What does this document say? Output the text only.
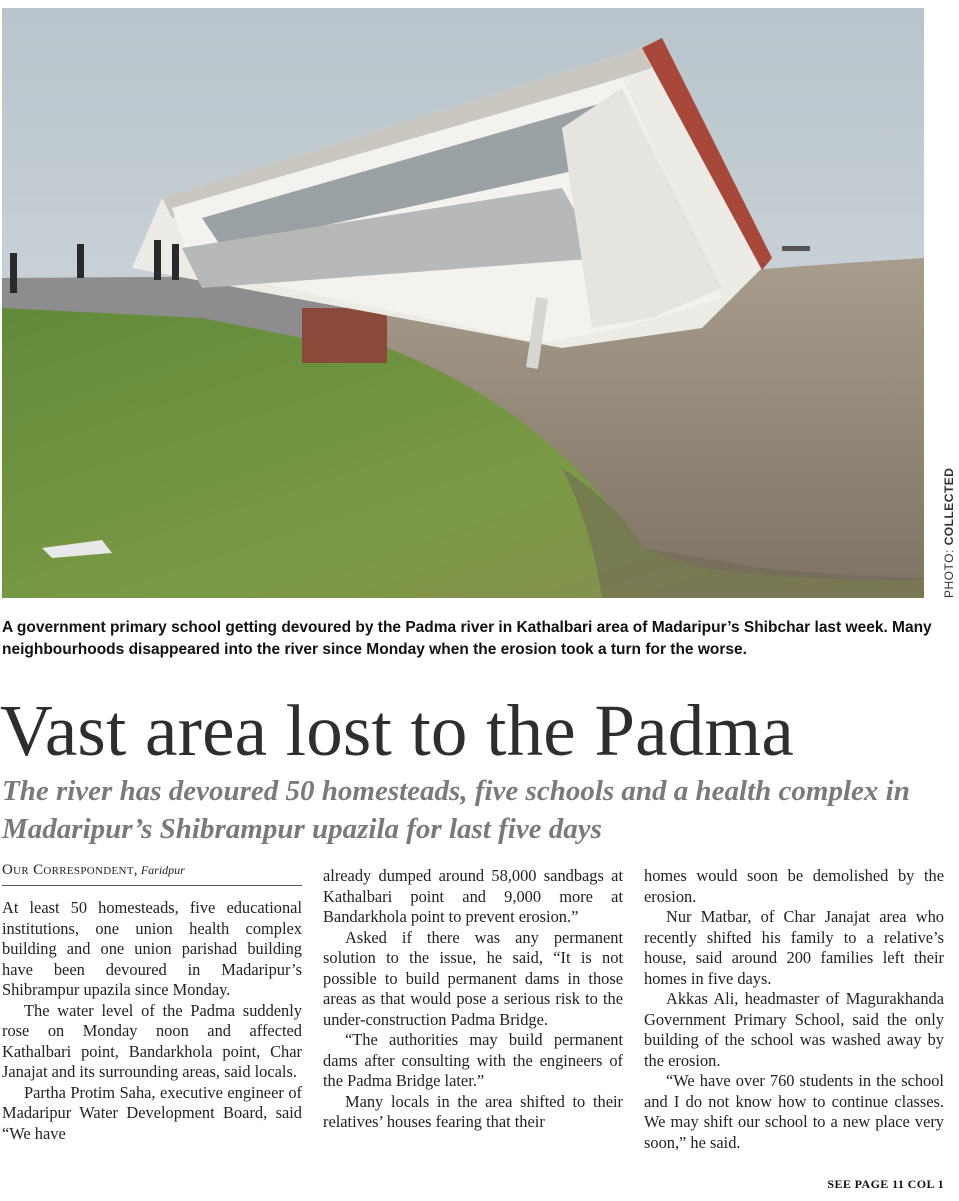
PHOTO: COLLECTED
A government primary school getting devoured by the Padma river in Kathalbari area of Madaripur’s Shibchar last week. Many neighbourhoods disappeared into the river since Monday when the erosion took a turn for the worse.
Vast area lost to the Padma
The river has devoured 50 homesteads, five schools and a health complex in Madaripur’s Shibrampur upazila for last five days
Our Correspondent, Faridpur

At least 50 homesteads, five educational institutions, one union health complex building and one union parishad building have been devoured in Madaripur’s Shibrampur upazila since Monday.

The water level of the Padma suddenly rose on Monday noon and affected Kathalbari point, Bandarkhola point, Char Janajat and its surrounding areas, said locals.

Partha Protim Saha, executive engineer of Madaripur Water Development Board, said “We have

already dumped around 58,000 sandbags at Kathalbari point and 9,000 more at Bandarkhola point to prevent erosion.”

Asked if there was any permanent solution to the issue, he said, “It is not possible to build permanent dams in those areas as that would pose a serious risk to the under-construction Padma Bridge.

“The authorities may build permanent dams after consulting with the engineers of the Padma Bridge later.”

Many locals in the area shifted to their relatives’ houses fearing that their

homes would soon be demolished by the erosion.

Nur Matbar, of Char Janajat area who recently shifted his family to a relative’s house, said around 200 families left their homes in five days.

Akkas Ali, headmaster of Magurakhanda Government Primary School, said the only building of the school was washed away by the erosion.

“We have over 760 students in the school and I do not know how to continue classes. We may shift our school to a new place very soon,” he said.

SEE PAGE 11 COL 1
